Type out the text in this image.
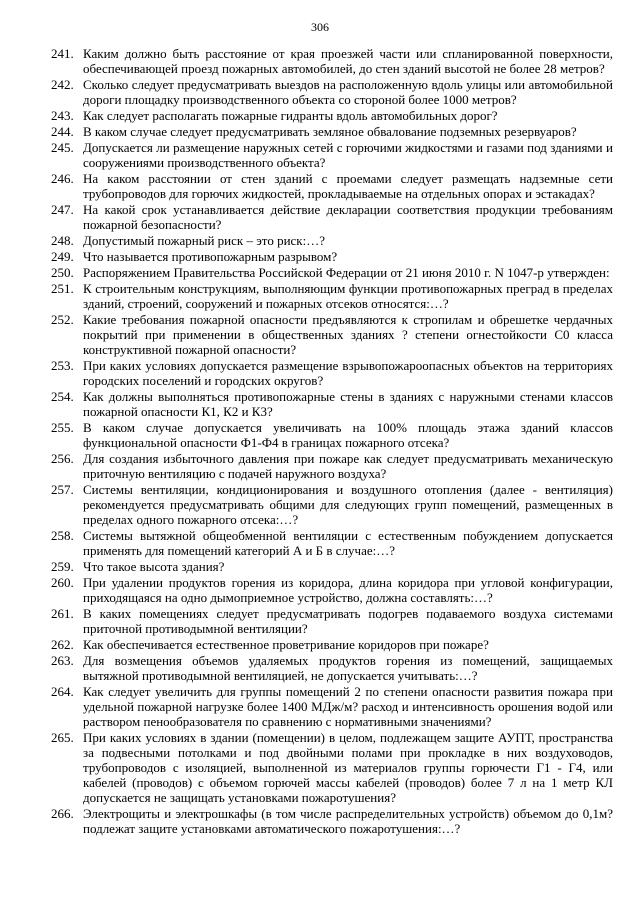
306
241. Каким должно быть расстояние от края проезжей части или спланированной поверхности, обеспечивающей проезд пожарных автомобилей, до стен зданий высотой не более 28 метров?
242. Сколько следует предусматривать выездов на расположенную вдоль улицы или автомобильной дороги площадку производственного объекта со стороной более 1000 метров?
243. Как следует располагать пожарные гидранты вдоль автомобильных дорог?
244. В каком случае следует предусматривать земляное обвалование подземных резервуаров?
245. Допускается ли размещение наружных сетей с горючими жидкостями и газами под зданиями и сооружениями производственного объекта?
246. На каком расстоянии от стен зданий с проемами следует размещать надземные сети трубопроводов для горючих жидкостей, прокладываемые на отдельных опорах и эстакадах?
247. На какой срок устанавливается действие декларации соответствия продукции требованиям пожарной безопасности?
248. Допустимый пожарный риск – это риск:…?
249. Что называется противопожарным разрывом?
250. Распоряжением Правительства Российской Федерации от 21 июня 2010 г. N 1047-р утвержден:
251. К строительным конструкциям, выполняющим функции противопожарных преград в пределах зданий, строений, сооружений и пожарных отсеков относятся:…?
252. Какие требования пожарной опасности предъявляются к стропилам и обрешетке чердачных покрытий при применении в общественных зданиях ? степени огнестойкости С0 класса конструктивной пожарной опасности?
253. При каких условиях допускается размещение взрывопожароопасных объектов на территориях городских поселений и городских округов?
254. Как должны выполняться противопожарные стены в зданиях с наружными стенами классов пожарной опасности К1, К2 и К3?
255. В каком случае допускается увеличивать на 100% площадь этажа зданий классов функциональной опасности Ф1-Ф4 в границах пожарного отсека?
256. Для создания избыточного давления при пожаре как следует предусматривать механическую приточную вентиляцию с подачей наружного воздуха?
257. Системы вентиляции, кондиционирования и воздушного отопления (далее - вентиляция) рекомендуется предусматривать общими для следующих групп помещений, размещенных в пределах одного пожарного отсека:…?
258. Системы вытяжной общеобменной вентиляции с естественным побуждением допускается применять для помещений категорий А и Б в случае:…?
259. Что такое высота здания?
260. При удалении продуктов горения из коридора, длина коридора при угловой конфигурации, приходящаяся на одно дымоприемное устройство, должна составлять:…?
261. В каких помещениях следует предусматривать подогрев подаваемого воздуха системами приточной противодымной вентиляции?
262. Как обеспечивается естественное проветривание коридоров при пожаре?
263. Для возмещения объемов удаляемых продуктов горения из помещений, защищаемых вытяжной противодымной вентиляцией, не допускается учитывать:…?
264. Как следует увеличить для группы помещений 2 по степени опасности развития пожара при удельной пожарной нагрузке более 1400 МДж/м? расход и интенсивность орошения водой или раствором пенообразователя по сравнению с нормативными значениями?
265. При каких условиях в здании (помещении) в целом, подлежащем защите АУПТ, пространства за подвесными потолками и под двойными полами при прокладке в них воздуховодов, трубопроводов с изоляцией, выполненной из материалов группы горючести Г1 - Г4, или кабелей (проводов) с объемом горючей массы кабелей (проводов) более 7 л на 1 метр КЛ допускается не защищать установками пожаротушения?
266. Электрощиты и электрошкафы (в том числе распределительных устройств) объемом до 0,1м? подлежат защите установками автоматического пожаротушения:…?
